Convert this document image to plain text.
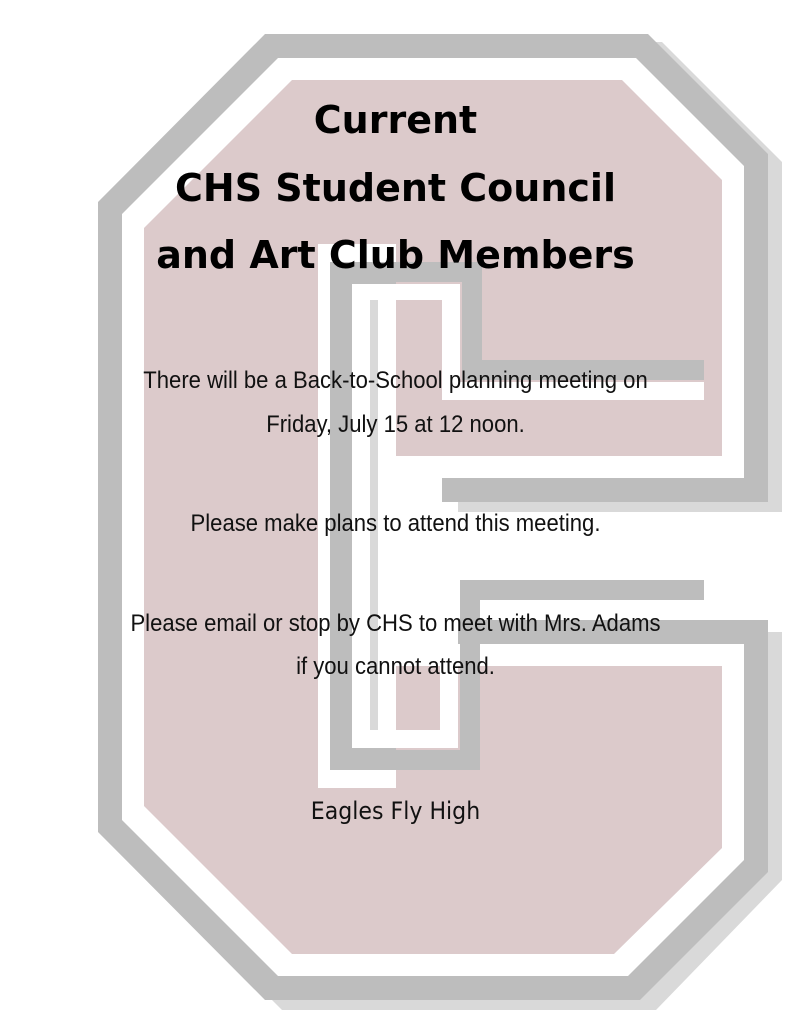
Current
CHS Student Council
and Art Club Members
There will be a Back-to-School planning meeting on
Friday, July 15 at 12 noon.
Please make plans to attend this meeting.
Please email or stop by CHS to meet with Mrs. Adams
if you cannot attend.
Eagles Fly High
